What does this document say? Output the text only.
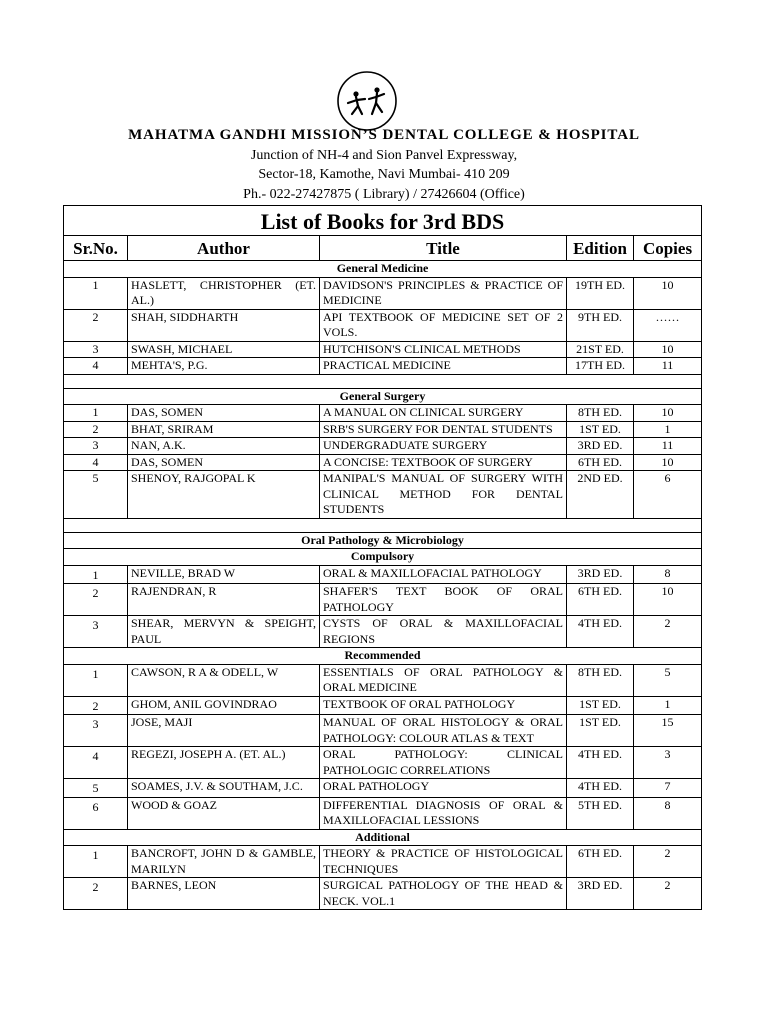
MAHATMA GANDHI MISSION’S DENTAL COLLEGE & HOSPITAL
Junction of NH-4 and Sion Panvel Expressway,
Sector-18, Kamothe, Navi Mumbai- 410 209
Ph.- 022-27427875 ( Library) / 27426604 (Office)
List of Books for 3rd BDS				
Sr.No.	Author	Title	Edition	Copies
General Medicine				
1	HASLETT, CHRISTOPHER (ET. AL.)	DAVIDSON'S PRINCIPLES & PRACTICE OF MEDICINE	19TH ED.	10
2	SHAH, SIDDHARTH	API TEXTBOOK OF MEDICINE SET OF 2 VOLS.	9TH ED.	……
3	SWASH, MICHAEL	HUTCHISON'S CLINICAL METHODS	21ST ED.	10
4	MEHTA'S, P.G.	PRACTICAL MEDICINE	17TH ED.	11

General Surgery				
1	DAS, SOMEN	A MANUAL ON CLINICAL SURGERY	8TH ED.	10
2	BHAT, SRIRAM	SRB'S SURGERY FOR DENTAL STUDENTS	1ST ED.	1
3	NAN, A.K.	UNDERGRADUATE SURGERY	3RD ED.	11
4	DAS, SOMEN	A CONCISE: TEXTBOOK OF SURGERY	6TH ED.	10
5	SHENOY, RAJGOPAL K	MANIPAL'S MANUAL OF SURGERY WITH CLINICAL METHOD FOR DENTAL STUDENTS	2ND ED.	6

Oral Pathology & Microbiology				
Compulsory				
1	NEVILLE, BRAD W	ORAL & MAXILLOFACIAL PATHOLOGY	3RD ED.	8
2	RAJENDRAN, R	SHAFER'S TEXT BOOK OF ORAL PATHOLOGY	6TH ED.	10
3	SHEAR, MERVYN & SPEIGHT, PAUL	CYSTS OF ORAL & MAXILLOFACIAL REGIONS	4TH ED.	2
Recommended				
1	CAWSON, R A & ODELL, W	ESSENTIALS OF ORAL PATHOLOGY & ORAL MEDICINE	8TH ED.	5
2	GHOM, ANIL GOVINDRAO	TEXTBOOK OF ORAL PATHOLOGY	1ST ED.	1
3	JOSE, MAJI	MANUAL OF ORAL HISTOLOGY & ORAL PATHOLOGY: COLOUR ATLAS & TEXT	1ST ED.	15
4	REGEZI, JOSEPH A. (ET. AL.)	ORAL PATHOLOGY: CLINICAL PATHOLOGIC CORRELATIONS	4TH ED.	3
5	SOAMES, J.V. & SOUTHAM, J.C.	ORAL PATHOLOGY	4TH ED.	7
6	WOOD & GOAZ	DIFFERENTIAL DIAGNOSIS OF ORAL & MAXILLOFACIAL LESSIONS	5TH ED.	8
Additional				
1	BANCROFT, JOHN D & GAMBLE, MARILYN	THEORY & PRACTICE OF HISTOLOGICAL TECHNIQUES	6TH ED.	2
2	BARNES, LEON	SURGICAL PATHOLOGY OF THE HEAD & NECK. VOL.1	3RD ED.	2
